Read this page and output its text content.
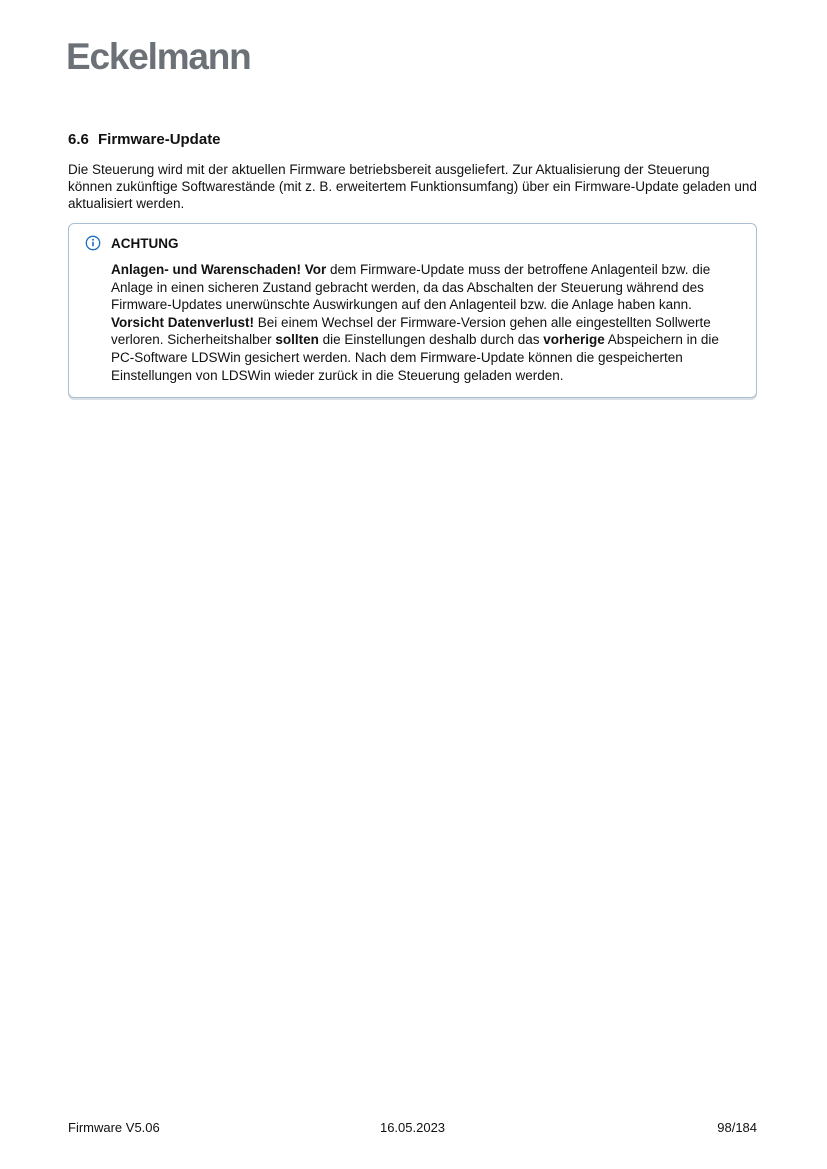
Eckelmann
6.6 Firmware-Update

Die Steuerung wird mit der aktuellen Firmware betriebsbereit ausgeliefert. Zur Aktualisierung der Steuerung können zukünftige Softwarestände (mit z. B. erweitertem Funktionsumfang) über ein Firmware-Update geladen und aktualisiert werden.

ACHTUNG
Anlagen- und Warenschaden! Vor dem Firmware-Update muss der betroffene Anlagenteil bzw. die Anlage in einen sicheren Zustand gebracht werden, da das Abschalten der Steuerung während des Firmware-Updates unerwünschte Auswirkungen auf den Anlagenteil bzw. die Anlage haben kann.
Vorsicht Datenverlust! Bei einem Wechsel der Firmware-Version gehen alle eingestellten Sollwerte verloren. Sicherheitshalber sollten die Einstellungen deshalb durch das vorherige Abspeichern in die PC-Software LDSWin gesichert werden. Nach dem Firmware-Update können die gespeicherten Einstellungen von LDSWin wieder zurück in die Steuerung geladen werden.
Firmware V5.06	16.05.2023	98/184
